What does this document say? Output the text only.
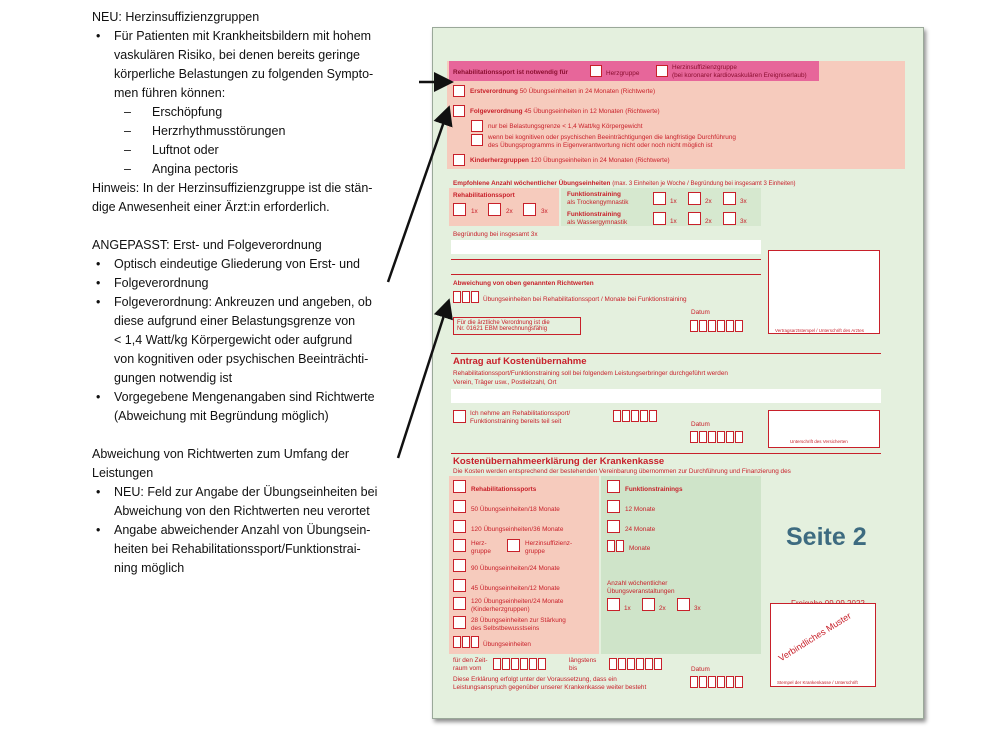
NEU: Herzinsuffizienzgruppen
• Für Patienten mit Krankheitsbildern mit hohem
vaskulären Risiko, bei denen bereits geringe
körperliche Belastungen zu folgenden Sympto-
men führen können:
– Erschöpfung
– Herzrhythmusstörungen
– Luftnot oder
– Angina pectoris
Hinweis: In der Herzinsuffizienzgruppe ist die stän-
dige Anwesenheit einer Ärzt:in erforderlich.
ANGEPASST: Erst- und Folgeverordnung
• Optisch eindeutige Gliederung von Erst- und
• Folgeverordnung
• Folgeverordnung: Ankreuzen und angeben, ob
diese aufgrund einer Belastungsgrenze von
< 1,4 Watt/kg Körpergewicht oder aufgrund
von kognitiven oder psychischen Beeinträchti-
gungen notwendig ist
• Vorgegebene Mengenangaben sind Richtwerte
(Abweichung mit Begründung möglich)
Abweichung von Richtwerten zum Umfang der
Leistungen
• NEU: Feld zur Angabe der Übungseinheiten bei
Abweichung von den Richtwerten neu verortet
• Angabe abweichender Anzahl von Übungsein-
heiten bei Rehabilitationssport/Funktionstrai-
ning möglich
Rehabilitationssport ist notwendig für	Herzgruppe
Herzinsuffizienzgruppe
(bei koronarer kardiovaskulären Ereigniserlaub)
Erstverordnung 50 Übungseinheiten in 24 Monaten (Richtwerte)
Folgeverordnung 45 Übungseinheiten in 12 Monaten (Richtwerte)
nur bei Belastungsgrenze < 1,4 Watt/kg Körpergewicht
wenn bei kognitiven oder psychischen Beeinträchtigungen die langfristige Durchführung
des Übungsprogramms in Eigenverantwortung nicht oder noch nicht möglich ist
Kinderherzgruppen 120 Übungseinheiten in 24 Monaten (Richtwerte)
Empfohlene Anzahl wöchentlicher Übungseinheiten (max. 3 Einheiten je Woche / Begründung bei insgesamt 3 Einheiten)
Rehabilitationssport
1x	2x	3x
Funktionstraining
als Trockengymnastik	1x	2x	3x
Funktionstraining
als Wassergymnastik	1x	2x	3x
Begründung bei insgesamt 3x
Vertragsarztstempel / Unterschrift des Arztes
Abweichung von oben genannten Richtwerten
Übungseinheiten bei Rehabilitationssport / Monate bei Funktionstraining
Für die ärztliche Verordnung ist die
Nr. 01621 EBM berechnungsfähig
Datum
Antrag auf Kostenübernahme
Rehabilitationssport/Funktionstraining soll bei folgendem Leistungserbringer durchgeführt werden
Verein, Träger usw., Postleitzahl, Ort
Ich nehme am Rehabilitationssport/
Funktionstraining bereits teil seit	Datum
Unterschrift des Versicherten
Kostenübernahmeerklärung der Krankenkasse
Die Kosten werden entsprechend der bestehenden Vereinbarung übernommen zur Durchführung und Finanzierung des
Rehabilitationssports
50 Übungseinheiten/18 Monate
120 Übungseinheiten/36 Monate
Herz-
gruppe
Herzinsuffizienz-
gruppe
90 Übungseinheiten/24 Monate
45 Übungseinheiten/12 Monate
120 Übungseinheiten/24 Monate
(Kinderherzgruppen)
28 Übungseinheiten zur Stärkung
des Selbstbewusstseins
Übungseinheiten
Funktionstrainings
12 Monate
24 Monate
Monate
Anzahl wöchentlicher
Übungsveranstaltungen
1x	2x	3x
für den Zeit-
raum vom
längstens
bis	Datum
Diese Erklärung erfolgt unter der Voraussetzung, dass ein
Leistungsanspruch gegenüber unserer Krankenkasse weiter besteht
Verbindliches Muster
Stempel der Krankenkasse / Unterschrift
Seite 2
